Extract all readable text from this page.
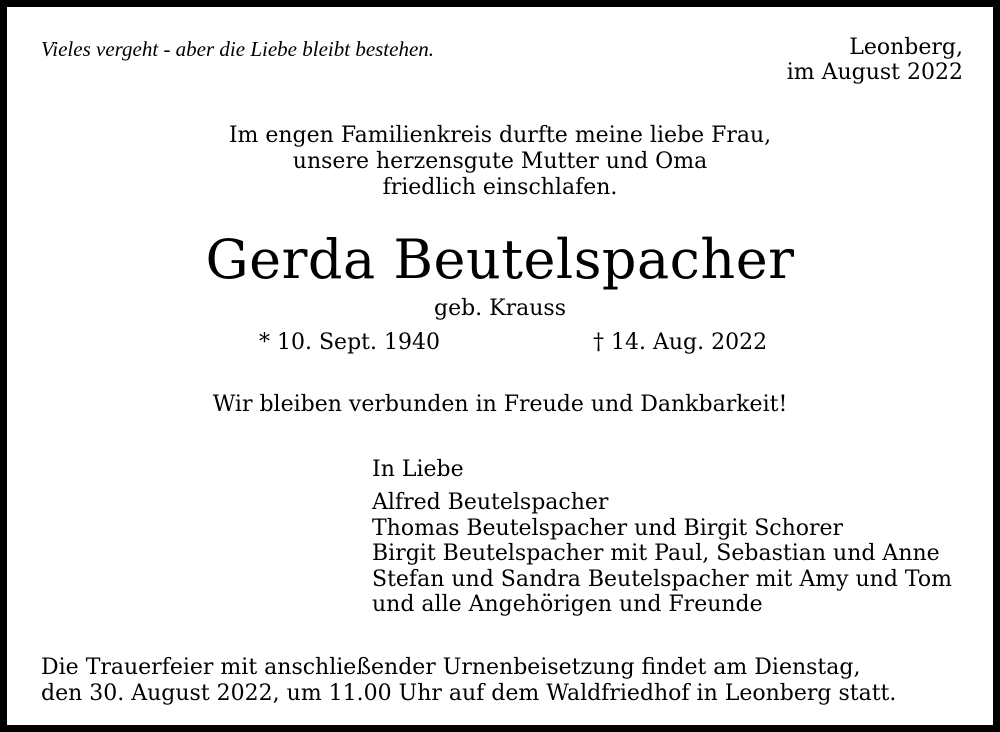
Vieles vergeht - aber die Liebe bleibt bestehen.	Leonberg,
im August 2022
Im engen Familienkreis durfte meine liebe Frau,
unsere herzensgute Mutter und Oma
friedlich einschlafen.
Gerda Beutelspacher

geb. Krauss

* 10. Sept. 1940	† 14. Aug. 2022

Wir bleiben verbunden in Freude und Dankbarkeit!

In Liebe

Alfred Beutelspacher
Thomas Beutelspacher und Birgit Schorer
Birgit Beutelspacher mit Paul, Sebastian und Anne
Stefan und Sandra Beutelspacher mit Amy und Tom
und alle Angehörigen und Freunde
Die Trauerfeier mit anschließender Urnenbeisetzung findet am Dienstag,
den 30. August 2022, um 11.00 Uhr auf dem Waldfriedhof in Leonberg statt.
